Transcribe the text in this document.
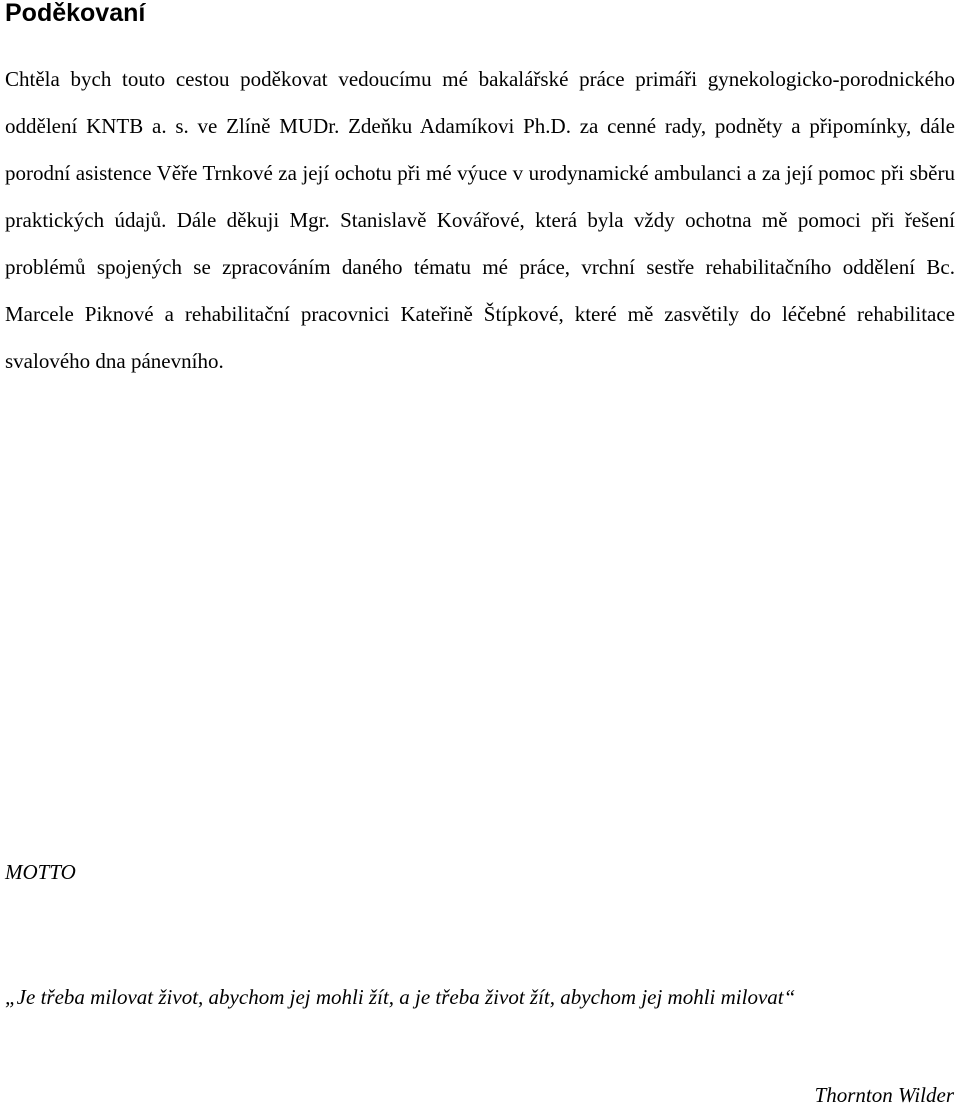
Poděkovaní

Chtěla bych touto cestou poděkovat vedoucímu mé bakalářské práce primáři gynekologicko-porodnického oddělení KNTB a. s. ve Zlíně MUDr. Zdeňku Adamíkovi Ph.D. za cenné rady, podněty a připomínky, dále porodní asistence Věře Trnkové za její ochotu při mé výuce v urodynamické ambulanci a za její pomoc při sběru praktických údajů. Dále děkuji Mgr. Stanislavě Kovářové, která byla vždy ochotna mě pomoci při řešení problémů spojených se zpracováním daného tématu mé práce, vrchní sestře rehabilitačního oddělení Bc. Marcele Piknové a rehabilitační pracovnici Kateřině Štípkové, které mě zasvětily do léčebné rehabilitace svalového dna pánevního.

MOTTO

„Je třeba milovat život, abychom jej mohli žít, a je třeba život žít, abychom jej mohli milovat“

Thornton Wilder
